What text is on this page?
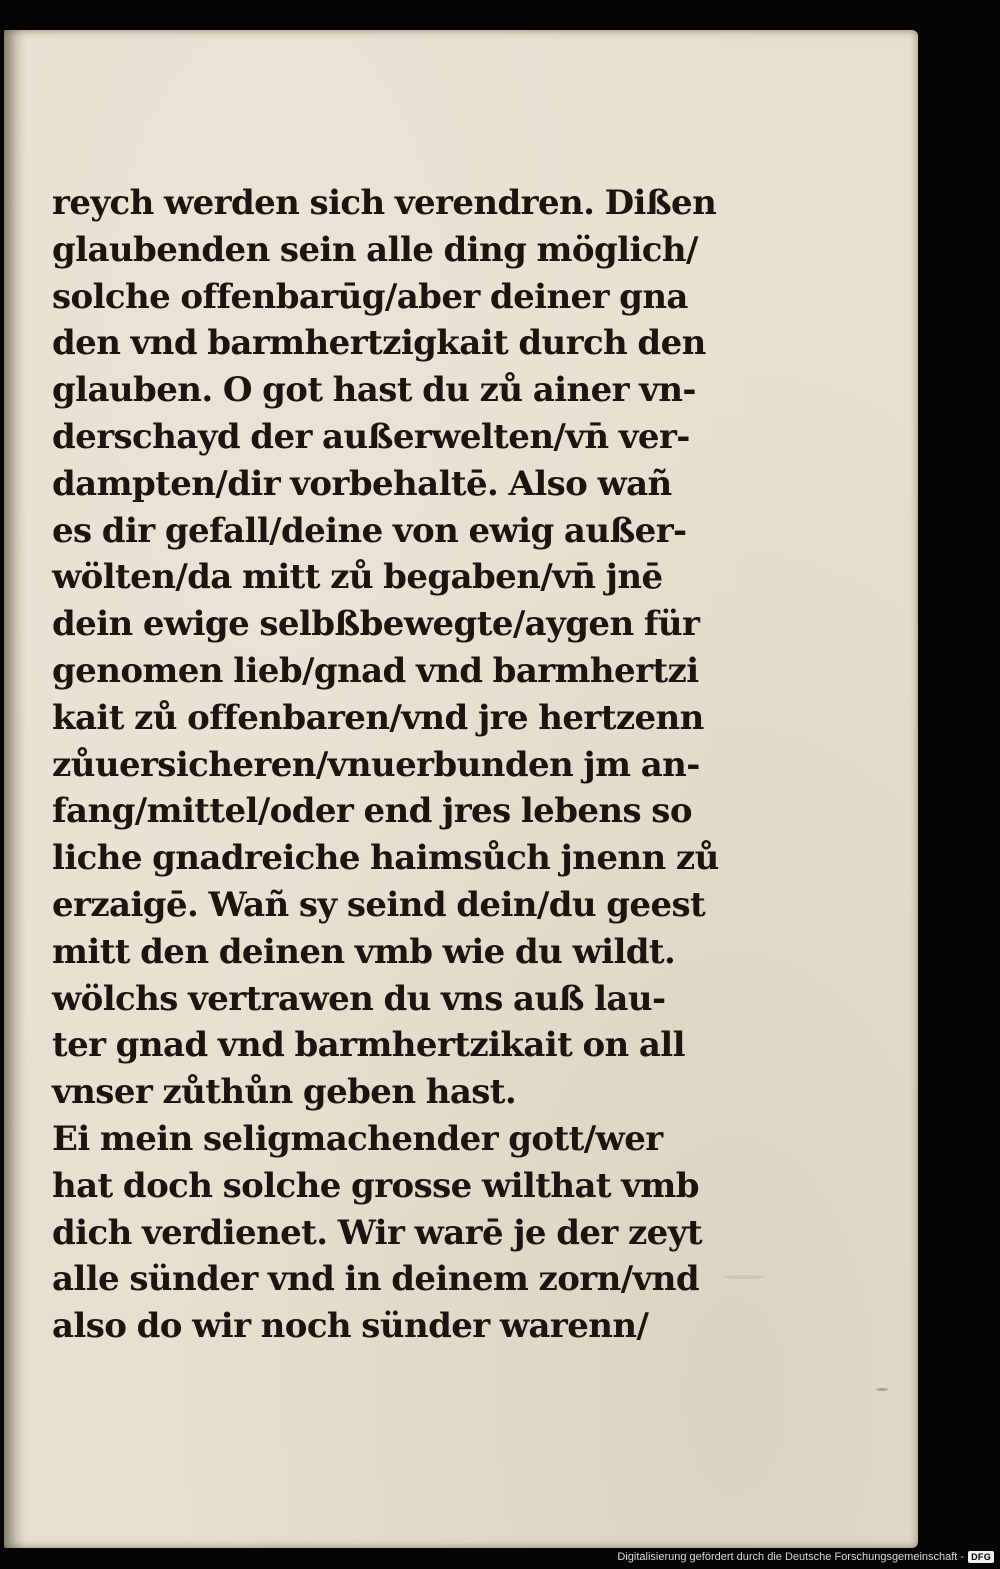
reych werden sich verendren. Dißen
glaubenden sein alle ding möglich/
solche offenbarūg/aber deiner gna
den vnd barmhertzigkait durch den
glauben. O got hast du zů ainer vn-
derschayd der außerwelten/vn̄ ver-
dampten/dir vorbehaltē. Also wañ
es dir gefall/deine von ewig außer-
wölten/da mitt zů begaben/vn̄ jnē
dein ewige selbßbewegte/aygen für
genomen lieb/gnad vnd barmhertzi
kait zů offenbaren/vnd jre hertzenn
zůuersicheren/vnuerbunden jm an-
fang/mittel/oder end jres lebens so
liche gnadreiche haimsůch jnenn zů
erzaigē. Wañ sy seind dein/du geest
mitt den deinen vmb wie du wildt.
wölchs vertrawen du vns auß lau-
ter gnad vnd barmhertzikait on all
vnser zůthůn geben hast.
Ei mein seligmachender gott/wer
hat doch solche grosse wilthat vmb
dich verdienet. Wir warē je der zeyt
alle sünder vnd in deinem zorn/vnd
also do wir noch sünder warenn/
Digitalisierung gefördert durch die Deutsche Forschungsgemeinschaft - DFG
